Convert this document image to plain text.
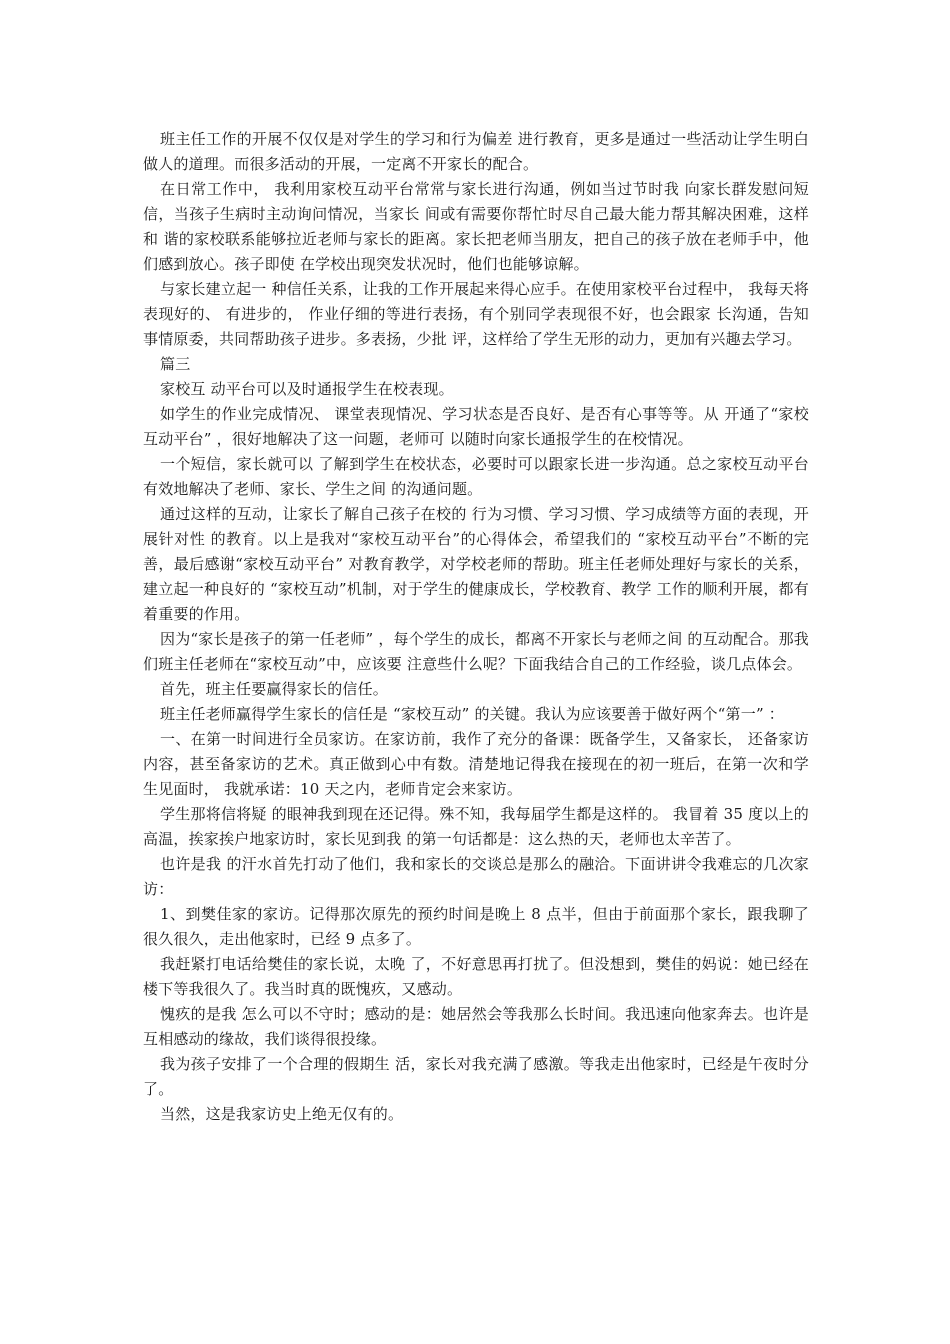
班主任工作的开展不仅仅是对学生的学习和行为偏差 进行教育，更多是通过一些活动让学生明白做人的道理。而很多活动的开展，一定离不开家长的配合。

在日常工作中， 我利用家校互动平台常常与家长进行沟通，例如当过节时我 向家长群发慰问短信，当孩子生病时主动询问情况，当家长 间或有需要你帮忙时尽自己最大能力帮其解决困难，这样和 谐的家校联系能够拉近老师与家长的距离。家长把老师当朋友，把自己的孩子放在老师手中，他们感到放心。孩子即使 在学校出现突发状况时，他们也能够谅解。

与家长建立起一 种信任关系，让我的工作开展起来得心应手。在使用家校平台过程中， 我每天将表现好的、 有进步的， 作业仔细的等进行表扬，有个别同学表现很不好，也会跟家 长沟通，告知事情原委，共同帮助孩子进步。多表扬，少批 评，这样给了学生无形的动力，更加有兴趣去学习。

篇三

家校互 动平台可以及时通报学生在校表现。

如学生的作业完成情况、 课堂表现情况、学习状态是否良好、是否有心事等等。从 开通了“家校互动平台” ，很好地解决了这一问题，老师可 以随时向家长通报学生的在校情况。

一个短信，家长就可以 了解到学生在校状态，必要时可以跟家长进一步沟通。总之家校互动平台有效地解决了老师、家长、学生之间 的沟通问题。

通过这样的互动，让家长了解自己孩子在校的 行为习惯、学习习惯、学习成绩等方面的表现，开展针对性 的教育。以上是我对“家校互动平台”的心得体会，希望我们的 “家校互动平台”不断的完善，最后感谢“家校互动平台” 对教育教学，对学校老师的帮助。班主任老师处理好与家长的关系，建立起一种良好的 “家校互动”机制，对于学生的健康成长，学校教育、教学 工作的顺利开展，都有着重要的作用。

因为“家长是孩子的第一任老师” ，每个学生的成长，都离不开家长与老师之间 的互动配合。那我们班主任老师在“家校互动”中，应该要 注意些什么呢？下面我结合自己的工作经验，谈几点体会。

首先，班主任要赢得家长的信任。

班主任老师赢得学生家长的信任是 “家校互动” 的关键。我认为应该要善于做好两个“第一” ：

一、在第一时间进行全员家访。在家访前，我作了充分的备课：既备学生，又备家长， 还备家访内容，甚至备家访的艺术。真正做到心中有数。清楚地记得我在接现在的初一班后，在第一次和学生见面时， 我就承诺：10 天之内，老师肯定会来家访。

学生那将信将疑 的眼神我到现在还记得。殊不知，我每届学生都是这样的。 我冒着 35 度以上的高温，挨家挨户地家访时，家长见到我 的第一句话都是：这么热的天，老师也太辛苦了。

也许是我 的汗水首先打动了他们，我和家长的交谈总是那么的融洽。下面讲讲令我难忘的几次家访：

1、到樊佳家的家访。记得那次原先的预约时间是晚上 8 点半，但由于前面那个家长，跟我聊了很久很久，走出他家时，已经 9 点多了。

我赶紧打电话给樊佳的家长说，太晚 了，不好意思再打扰了。但没想到，樊佳的妈说：她已经在楼下等我很久了。我当时真的既愧疚，又感动。

愧疚的是我 怎么可以不守时；感动的是：她居然会等我那么长时间。我迅速向他家奔去。也许是互相感动的缘故，我们谈得很投缘。

我为孩子安排了一个合理的假期生 活，家长对我充满了感激。等我走出他家时，已经是午夜时分了。

当然，这是我家访史上绝无仅有的。
